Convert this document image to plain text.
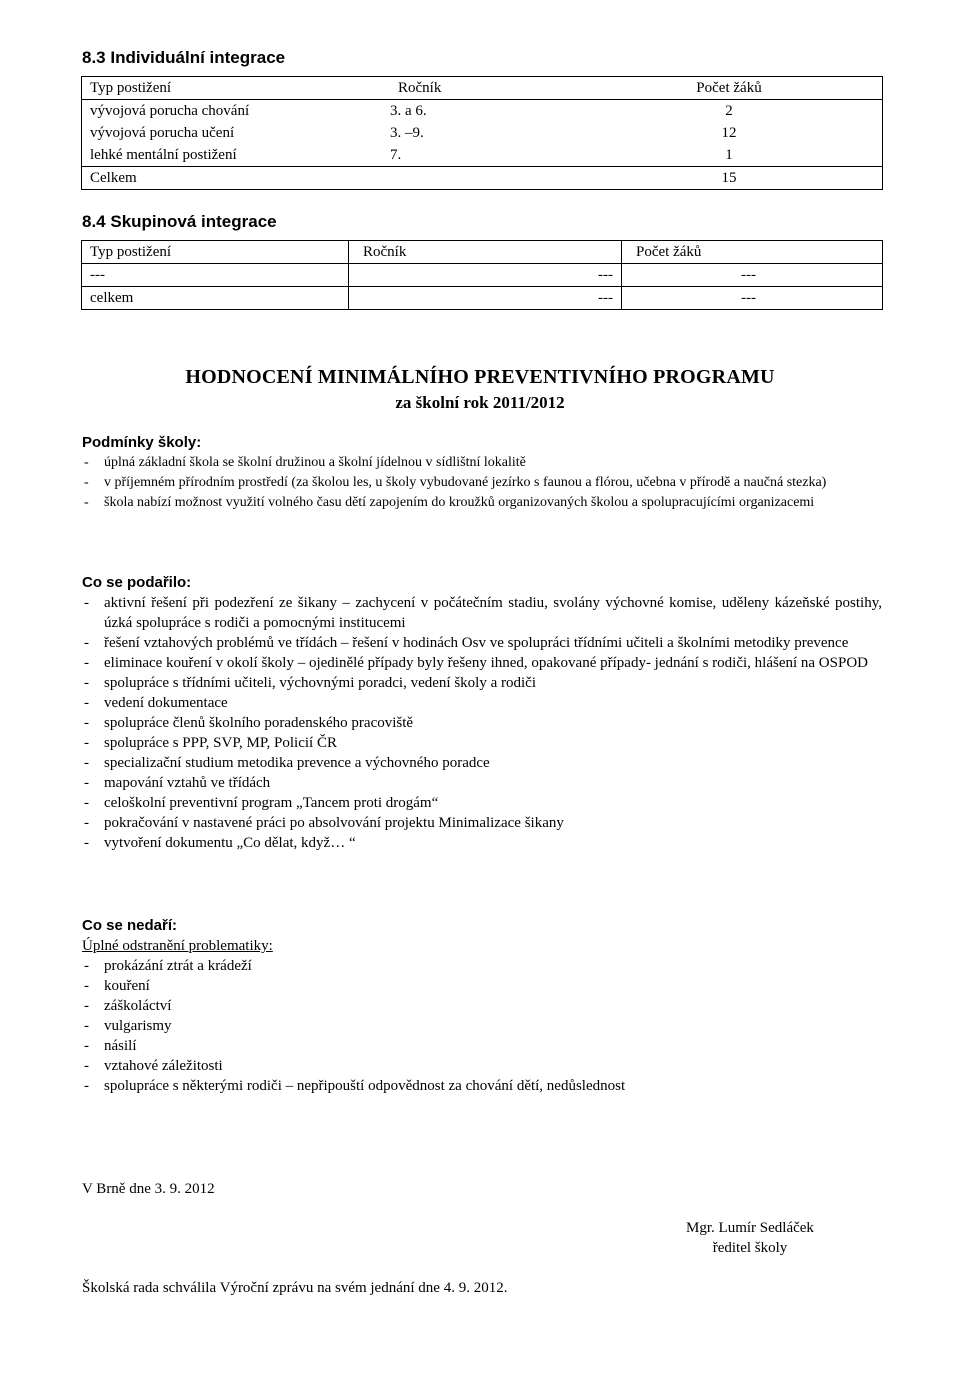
8.3 Individuální integrace
Typ postižení	Ročník	Počet žáků
vývojová porucha chování	3. a 6.	2
vývojová porucha učení	3. –9.	12
lehké mentální postižení	7.	1
Celkem		15
8.4 Skupinová integrace
Typ postižení	Ročník	Počet žáků
---	---	---
celkem	---	---
HODNOCENÍ MINIMÁLNÍHO PREVENTIVNÍHO PROGRAMU
za školní rok 2011/2012
Podmínky školy:
- úplná základní škola se školní družinou a školní jídelnou v sídlištní lokalitě
- v příjemném přírodním prostředí (za školou les, u školy vybudované jezírko s faunou a flórou, učebna v přírodě a naučná stezka)
- škola nabízí možnost využití volného času dětí zapojením do kroužků organizovaných školou a spolupracujícími organizacemi
Co se podařilo:
- aktivní řešení při podezření ze šikany – zachycení v počátečním stadiu, svolány výchovné komise, uděleny kázeňské postihy, úzká spolupráce s rodiči a pomocnými institucemi
- řešení vztahových problémů ve třídách – řešení v hodinách Osv ve spolupráci třídními učiteli a školními metodiky prevence
- eliminace kouření v okolí školy – ojedinělé případy byly řešeny ihned, opakované případy- jednání s rodiči, hlášení na OSPOD
- spolupráce s třídními učiteli, výchovnými poradci, vedení školy a rodiči
- vedení dokumentace
- spolupráce členů školního poradenského pracoviště
- spolupráce s PPP, SVP, MP, Policií ČR
- specializační studium metodika prevence a výchovného poradce
- mapování vztahů ve třídách
- celoškolní preventivní program „Tancem proti drogám“
- pokračování v nastavené práci po absolvování projektu Minimalizace šikany
- vytvoření dokumentu „Co dělat, když… “
Co se nedaří:
Úplné odstranění problematiky:
- prokázání ztrát a krádeží
- kouření
- záškoláctví
- vulgarismy
- násilí
- vztahové záležitosti
- spolupráce s některými rodiči – nepřipouští odpovědnost za chování dětí, nedůslednost
V Brně dne 3. 9. 2012
Mgr. Lumír Sedláček
ředitel školy
Školská rada schválila Výroční zprávu na svém jednání dne 4. 9. 2012.
